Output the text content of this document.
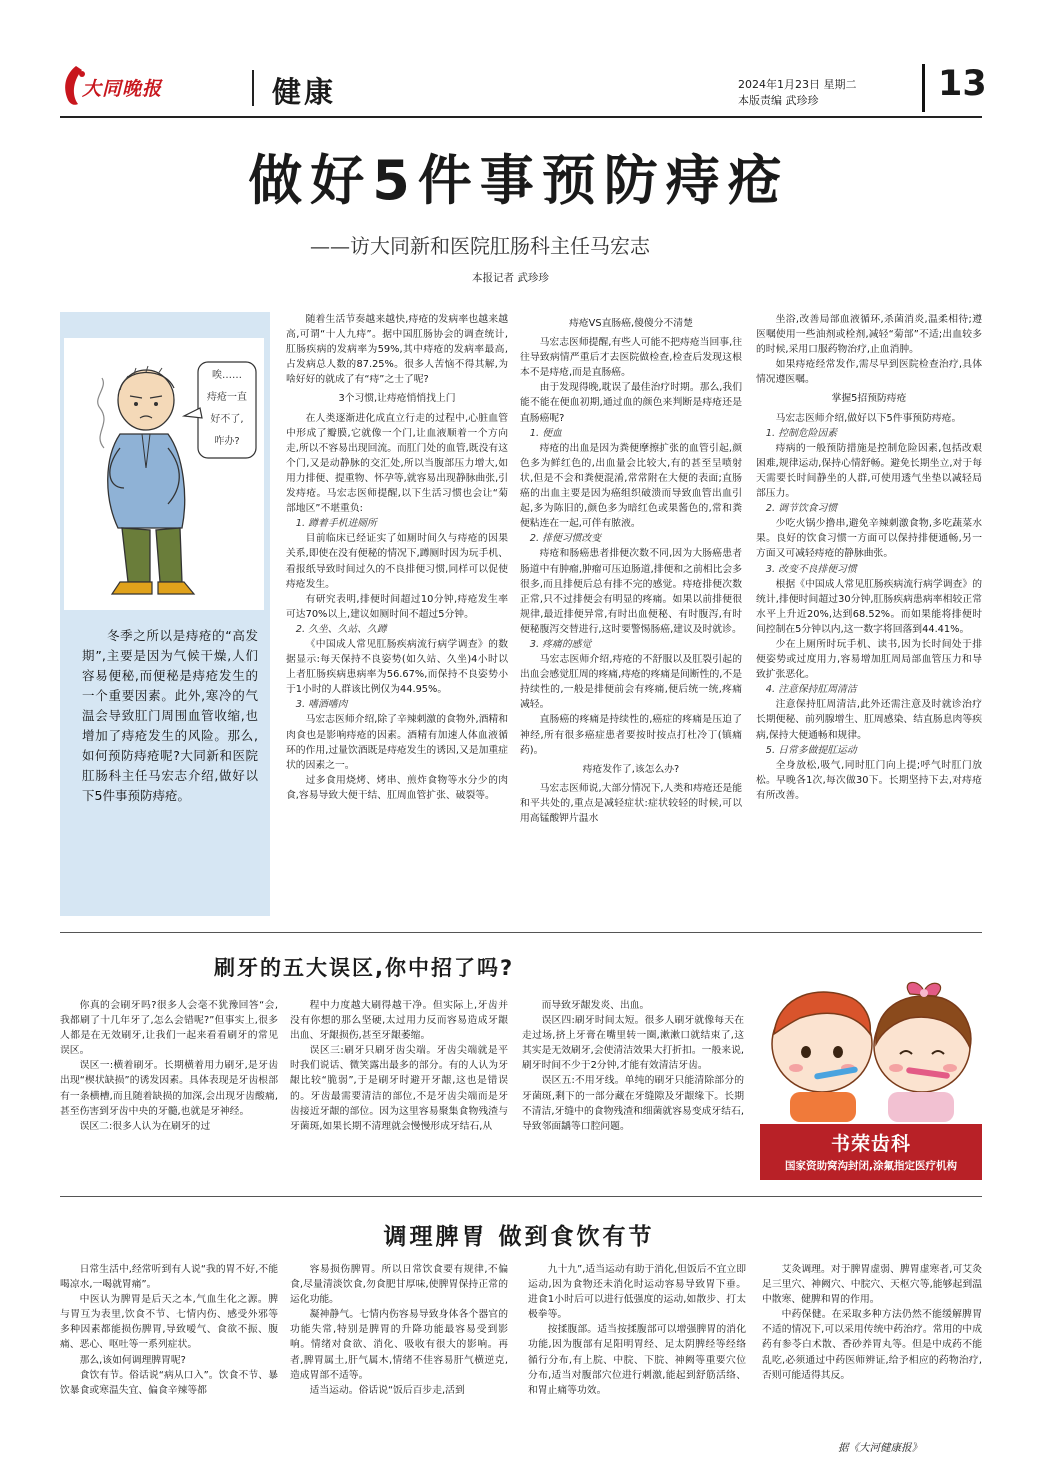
大同晚报	健康	2024年1月23日 星期二
本版责编 武珍珍	13
做好5件事预防痔疮
——访大同新和医院肛肠科主任马宏志
本报记者 武珍珍
唉……
痔疮一直
好不了,
咋办?
冬季之所以是痔疮的“高发期”,主要是因为气候干燥,人们容易便秘,而便秘是痔疮发生的一个重要因素。此外,寒冷的气温会导致肛门周围血管收缩,也增加了痔疮发生的风险。那么,如何预防痔疮呢?大同新和医院肛肠科主任马宏志介绍,做好以下5件事预防痔疮。

随着生活节奏越来越快,痔疮的发病率也越来越高,可谓“十人九痔”。据中国肛肠协会的调查统计,肛肠疾病的发病率为59%,其中痔疮的发病率最高,占发病总人数的87.25%。很多人苦恼不得其解,为啥好好的就成了有“痔”之士了呢?

3个习惯,让痔疮悄悄找上门

在人类逐渐进化成直立行走的过程中,心脏血管中形成了瓣膜,它就像一个门,让血液顺着一个方向走,所以不容易出现回流。而肛门处的血管,既没有这个门,又是动静脉的交汇处,所以当腹部压力增大,如用力排便、提重物、怀孕等,就容易出现静脉曲张,引发痔疮。马宏志医师提醒,以下生活习惯也会让“菊部地区”不堪重负:

1. 蹲着手机进厕所

目前临床已经证实了如厕时间久与痔疮的因果关系,即使在没有便秘的情况下,蹲厕时因为玩手机、看报纸导致时间过久的不良排便习惯,同样可以促使痔疮发生。

有研究表明,排便时间超过10分钟,痔疮发生率可达70%以上,建议如厕时间不超过5分钟。

2. 久坐、久站、久蹲

《中国成人常见肛肠疾病流行病学调查》的数据显示:每天保持不良姿势(如久站、久坐)4小时以上者肛肠疾病患病率为56.67%,而保持不良姿势小于1小时的人群该比例仅为44.95%。

3. 嗜酒嗜肉

马宏志医师介绍,除了辛辣刺激的食物外,酒精和肉食也是影响痔疮的因素。酒精有加速人体血液循环的作用,过量饮酒既是痔疮发生的诱因,又是加重症状的因素之一。

过多食用烧烤、烤串、煎炸食物等水分少的肉食,容易导致大便干结、肛周血管扩张、破裂等。

痔疮VS直肠癌,傻傻分不清楚

马宏志医师提醒,有些人可能不把痔疮当回事,往往导致病情严重后才去医院做检查,检查后发现这根本不是痔疮,而是直肠癌。

由于发现得晚,耽误了最佳治疗时期。那么,我们能不能在便血初期,通过血的颜色来判断是痔疮还是直肠癌呢?

1. 便血

痔疮的出血是因为粪便摩擦扩张的血管引起,颜色多为鲜红色的,出血量会比较大,有的甚至呈喷射状,但是不会和粪便混淆,常常附在大便的表面;直肠癌的出血主要是因为癌组织破溃而导致血管出血引起,多为陈旧的,颜色多为暗红色或果酱色的,常和粪便粘连在一起,可伴有脓液。

2. 排便习惯改变

痔疮和肠癌患者排便次数不同,因为大肠癌患者肠道中有肿瘤,肿瘤可压迫肠道,排便和之前相比会多很多,而且排便后总有排不完的感觉。痔疮排便次数正常,只不过排便会有明显的疼痛。如果以前排便很规律,最近排便异常,有时出血便秘、有时腹泻,有时便秘腹泻交替进行,这时要警惕肠癌,建议及时就诊。

3. 疼痛的感觉

马宏志医师介绍,痔疮的不舒服以及肛裂引起的出血会感觉肛周的疼痛,痔疮的疼痛是间断性的,不是持续性的,一般是排便前会有疼痛,便后统一统,疼痛减轻。

直肠癌的疼痛是持续性的,癌症的疼痛是压迫了神经,所有很多癌症患者要按时按点打杜冷丁(镇痛药)。

痔疮发作了,该怎么办?

马宏志医师说,大部分情况下,人类和痔疮还是能和平共处的,重点是减轻症状:症状较轻的时候,可以用高锰酸钾片温水

坐浴,改善局部血液循环,杀菌消炎,温柔相待;遵医嘱使用一些油剂或栓剂,减轻“菊部”不适;出血较多的时候,采用口服药物治疗,止血消肿。

如果痔疮经常发作,需尽早到医院检查治疗,具体情况遵医嘱。

掌握5招预防痔疮

马宏志医师介绍,做好以下5件事预防痔疮。

1. 控制危险因素

痔病的一般预防措施是控制危险因素,包括改艰困难,规律运动,保持心情舒畅。避免长期坐立,对于每天需要长时间静坐的人群,可使用透气坐垫以减轻局部压力。

2. 调节饮食习惯

少吃火锅少撸串,避免辛辣刺激食物,多吃蔬菜水果。良好的饮食习惯一方面可以保持排便通畅,另一方面又可减轻痔疮的静脉曲张。

3. 改变不良排便习惯

根据《中国成人常见肛肠疾病流行病学调查》的统计,排便时间超过30分钟,肛肠疾病患病率相较正常水平上升近20%,达到68.52%。而如果能将排便时间控制在5分钟以内,这一数字将回落到44.41%。

少在上厕所时玩手机、读书,因为长时间处于排便姿势或过度用力,容易增加肛周局部血管压力和导致扩张恶化。

4. 注意保持肛周清洁

注意保持肛周清洁,此外还需注意及时就诊治疗长期便秘、前列腺增生、肛周感染、结直肠息肉等疾病,保持大便通畅和规律。

5. 日常多做提肛运动

全身放松,吸气,同时肛门向上提;呼气时肛门放松。早晚各1次,每次做30下。长期坚持下去,对痔疮有所改善。

刷牙的五大误区,你中招了吗?

你真的会刷牙吗?很多人会毫不犹豫回答“会,我都刷了十几年牙了,怎么会错呢?”但事实上,很多人都是在无效刷牙,让我们一起来看看刷牙的常见误区。

误区一:横着刷牙。长期横着用力刷牙,是牙齿出现“楔状缺损”的诱发因素。具体表现是牙齿根部有一条横槽,而且随着缺损的加深,会出现牙齿酸痛,甚至伤害到牙齿中央的牙髓,也就是牙神经。

误区二:很多人认为在刷牙的过

程中力度越大刷得越干净。但实际上,牙齿并没有你想的那么坚硬,太过用力反而容易造成牙龈出血、牙龈损伤,甚至牙龈萎缩。

误区三:刷牙只刷牙齿尖端。牙齿尖端就是平时我们说话、微笑露出最多的部分。有的人认为牙龈比较“脆弱”,于是刷牙时避开牙龈,这也是错误的。牙齿最需要清洁的部位,不是牙齿尖端而是牙齿接近牙龈的部位。因为这里容易聚集食物残渣与牙菌斑,如果长期不清理就会慢慢形成牙结石,从

而导致牙龈发炎、出血。

误区四:刷牙时间太短。很多人刷牙就像每天在走过场,挤上牙膏在嘴里转一圈,漱漱口就结束了,这其实是无效刷牙,会使清洁效果大打折扣。一般来说,刷牙时间不少于2分钟,才能有效清洁牙齿。

误区五:不用牙线。单纯的刷牙只能清除部分的牙菌斑,剩下的一部分藏在牙缝隙及牙龈缘下。长期不清洁,牙缝中的食物残渣和细菌就容易变成牙结石,导致邻面龋等口腔问题。

书荣齿科
国家资助窝沟封闭,涂氟指定医疗机构
调理脾胃 做到食饮有节

日常生活中,经常听到有人说“我的胃不好,不能喝凉水,一喝就胃痛”。

中医认为脾胃是后天之本,气血生化之源。脾与胃互为表里,饮食不节、七情内伤、感受外邪等多种因素都能损伤脾胃,导致嗳气、食欲不振、腹痛、恶心、呕吐等一系列症状。

那么,该如何调理脾胃呢?

食饮有节。俗话说“病从口入”。饮食不节、暴饮暴食或寒温失宜、偏食辛辣等都

容易损伤脾胃。所以日常饮食要有规律,不偏食,尽量清淡饮食,勿食肥甘厚味,使脾胃保持正常的运化功能。

凝神静气。七情内伤容易导致身体各个器官的功能失常,特别是脾胃的升降功能最容易受到影响。情绪对食欲、消化、吸收有很大的影响。再者,脾胃属土,肝气属木,情绪不佳容易肝气横逆克,造成胃部不适等。

适当运动。俗话说“饭后百步走,活到

九十九”,适当运动有助于消化,但饭后不宜立即运动,因为食物还未消化时运动容易导致胃下垂。进食1小时后可以进行低强度的运动,如散步、打太极拳等。

按揉腹部。适当按揉腹部可以增强脾胃的消化功能,因为腹部有足阳明胃经、足太阴脾经等经络循行分布,有上脘、中脘、下脘、神阙等重要穴位分布,适当对腹部穴位进行刺激,能起到舒筋活络、和胃止痛等功效。

艾灸调理。对于脾胃虚弱、脾胃虚寒者,可艾灸足三里穴、神阙穴、中脘穴、天枢穴等,能够起到温中散寒、健脾和胃的作用。

中药保健。在采取多种方法仍然不能缓解脾胃不适的情况下,可以采用传统中药治疗。常用的中成药有参苓白术散、香砂养胃丸等。但是中成药不能乱吃,必须通过中药医师辨证,给予相应的药物治疗,否则可能适得其反。

据《大河健康报》
